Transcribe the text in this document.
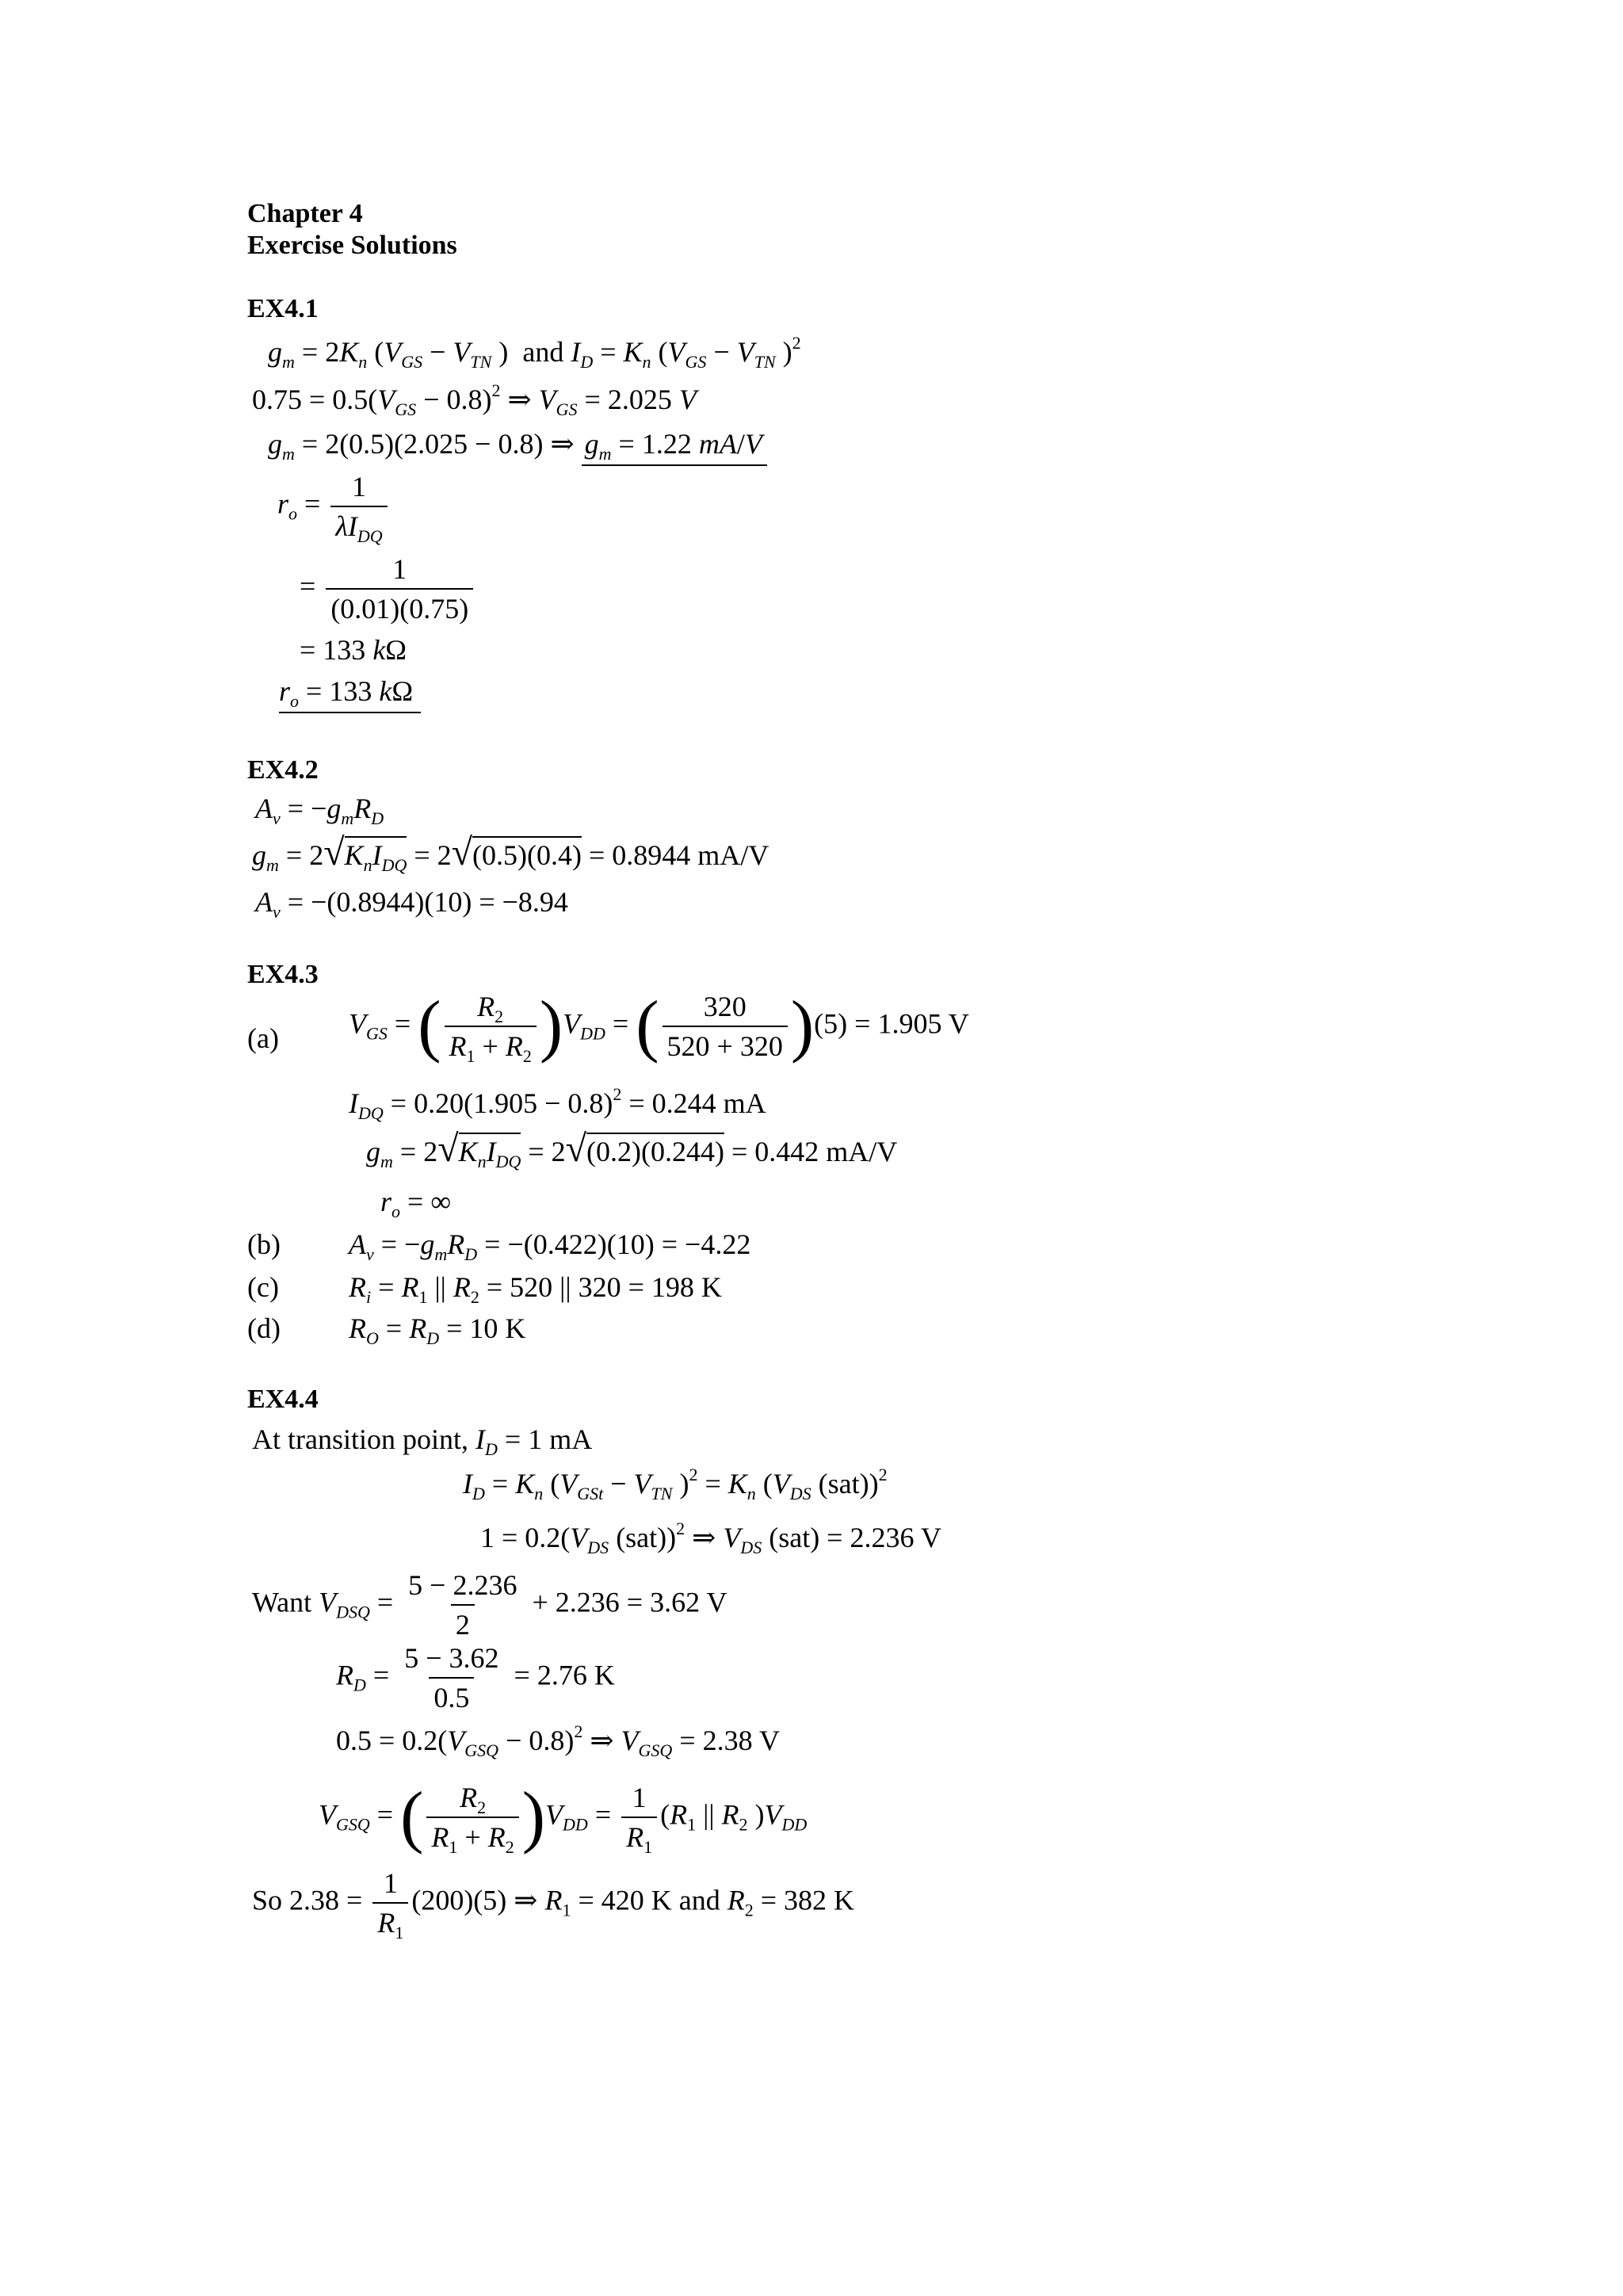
Chapter 4
Exercise Solutions
EX4.1
$g_m = 2K_n$ ($V_{GS} - V_{TN}$ )  and $I_D = K_n$ ($V_{GS} - V_{TN}$ )$^2$
$0.75 = 0.5(V_{GS} - 0.8)^2$ ⇒ $V_{GS} = 2.025$ V
$g_m = 2(0.5)(2.025 - 0.8)$ ⇒ $g_m = 1.22$ mA/V
$r_o = \frac{1}{\lambda I_{DQ}}$
= $\frac{1}{(0.01)(0.75)}$
= 133 kΩ
$r_o = 133$ kΩ
EX4.2
$A_v = -g_mR_D$
$g_m = 2√K_nI_{DQ} = 2√(0.5)(0.4) = 0.8944$ mA/V
$A_v = -(0.8944)(10) = -8.94$
EX4.3
(a) $V_{GS}$ = ( $\frac{R_2}{R_1 + R_2} )V_{DD}$ = ( $\frac{320}{520 + 320} )(5) = 1.905$ V
$I_{DQ} = 0.20(1.905 - 0.8)^2 = 0.244$ mA
$g_m = 2√K_nI_{DQ} = 2√(0.2)(0.244) = 0.442$ mA/V
$r_o$ = ∞
(b) $A_v = -g_mR_D = -(0.422)(10) = -4.22$
(c) $R_i = R_1$ || $R_2 = 520$ || 320 = 198 K
(d) $R_O = R_D = 10$ K
EX4.4
At transition point, $I_D = 1$ mA
$I_D = K_n$ ($V_{GSt} - V_{TN}$ )$^2 = K_n$ ($V_{DS}$ (sat))$^2$
$1 = 0.2(V_{DS}$ (sat))$^2$ ⇒ $V_{DS}$ (sat) = 2.236 V
Want $V_{DSQ} = \frac{5 - 2.236}{2} + 2.236 = 3.62$ V
$R_D = \frac{5 - 3.62}{0.5} = 2.76$ K
$0.5 = 0.2(V_{GSQ} - 0.8)^2$ ⇒ $V_{GSQ} = 2.38$ V
$V_{GSQ}$ = ( $\frac{R_2}{R_1 + R_2} )V_{DD} = \frac{1}{R_1} (R_1$ || $R_2$ )$V_{DD}$
So $2.38 = \frac{1}{R_1} (200)(5)$ ⇒ $R_1 = 420$ K and $R_2 = 382$ K
